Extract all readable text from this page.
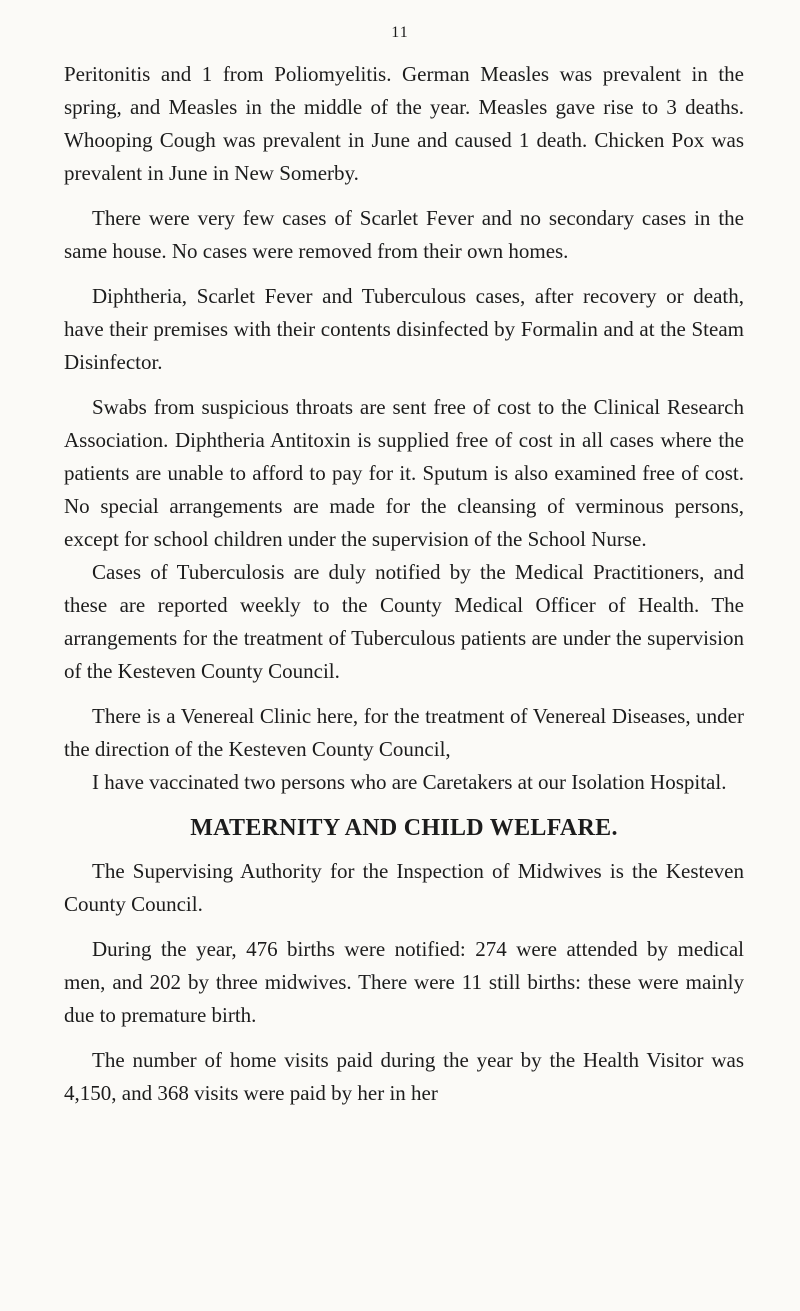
11

Peritonitis and 1 from Poliomyelitis. German Measles was prevalent in the spring, and Measles in the middle of the year. Measles gave rise to 3 deaths. Whooping Cough was prevalent in June and caused 1 death. Chicken Pox was prevalent in June in New Somerby.

There were very few cases of Scarlet Fever and no secondary cases in the same house. No cases were removed from their own homes.

Diphtheria, Scarlet Fever and Tuberculous cases, after recovery or death, have their premises with their contents disinfected by Formalin and at the Steam Disinfector.

Swabs from suspicious throats are sent free of cost to the Clinical Research Association. Diphtheria Antitoxin is supplied free of cost in all cases where the patients are unable to afford to pay for it. Sputum is also examined free of cost. No special arrangements are made for the cleansing of verminous persons, except for school children under the supervision of the School Nurse.

Cases of Tuberculosis are duly notified by the Medical Practitioners, and these are reported weekly to the County Medical Officer of Health. The arrangements for the treatment of Tuberculous patients are under the supervision of the Kesteven County Council.

There is a Venereal Clinic here, for the treatment of Venereal Diseases, under the direction of the Kesteven County Council,

I have vaccinated two persons who are Caretakers at our Isolation Hospital.

MATERNITY AND CHILD WELFARE.

The Supervising Authority for the Inspection of Midwives is the Kesteven County Council.

During the year, 476 births were notified: 274 were attended by medical men, and 202 by three midwives. There were 11 still births: these were mainly due to premature birth.

The number of home visits paid during the year by the Health Visitor was 4,150, and 368 visits were paid by her in her
